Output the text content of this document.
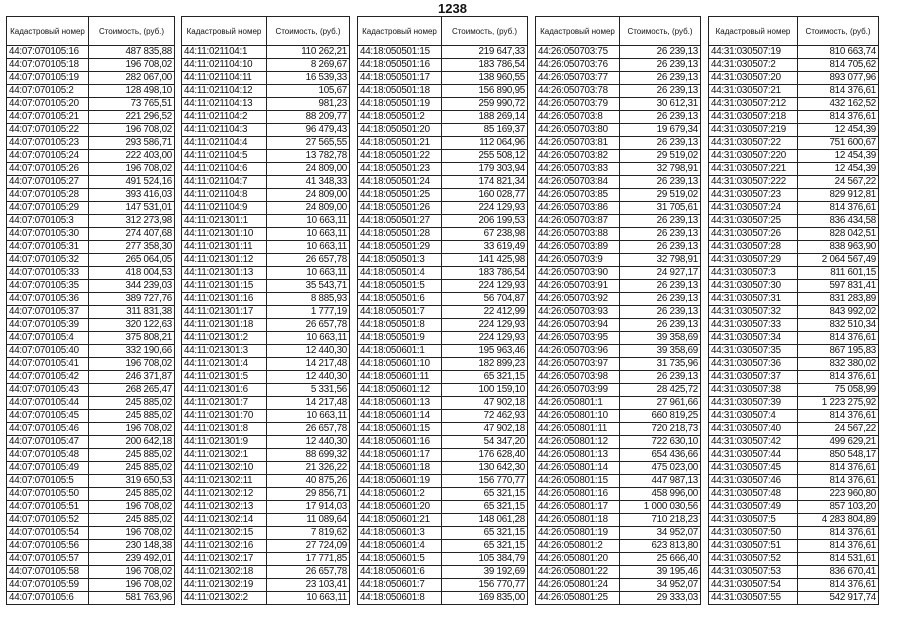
1238
Кадастровый номер	Стоимость, (руб.)
44:07:070105:16	487 835,88
44:07:070105:18	196 708,02
44:07:070105:19	282 067,00
44:07:070105:2	128 498,10
44:07:070105:20	73 765,51
44:07:070105:21	221 296,52
44:07:070105:22	196 708,02
44:07:070105:23	293 586,71
44:07:070105:24	222 403,00
44:07:070105:26	196 708,02
44:07:070105:27	491 524,16
44:07:070105:28	393 416,03
44:07:070105:29	147 531,01
44:07:070105:3	312 273,98
44:07:070105:30	274 407,68
44:07:070105:31	277 358,30
44:07:070105:32	265 064,05
44:07:070105:33	418 004,53
44:07:070105:35	344 239,03
44:07:070105:36	389 727,76
44:07:070105:37	311 831,38
44:07:070105:39	320 122,63
44:07:070105:4	375 808,21
44:07:070105:40	332 190,66
44:07:070105:41	196 708,02
44:07:070105:42	246 371,87
44:07:070105:43	268 265,47
44:07:070105:44	245 885,02
44:07:070105:45	245 885,02
44:07:070105:46	196 708,02
44:07:070105:47	200 642,18
44:07:070105:48	245 885,02
44:07:070105:49	245 885,02
44:07:070105:5	319 650,53
44:07:070105:50	245 885,02
44:07:070105:51	196 708,02
44:07:070105:52	245 885,02
44:07:070105:54	196 708,02
44:07:070105:56	230 148,38
44:07:070105:57	239 492,01
44:07:070105:58	196 708,02
44:07:070105:59	196 708,02
44:07:070105:6	581 763,96
Кадастровый номер	Стоимость, (руб.)
44:11:021104:1	110 262,21
44:11:021104:10	8 269,67
44:11:021104:11	16 539,33
44:11:021104:12	105,67
44:11:021104:13	981,23
44:11:021104:2	88 209,77
44:11:021104:3	96 479,43
44:11:021104:4	27 565,55
44:11:021104:5	13 782,78
44:11:021104:6	24 809,00
44:11:021104:7	41 348,33
44:11:021104:8	24 809,00
44:11:021104:9	24 809,00
44:11:021301:1	10 663,11
44:11:021301:10	10 663,11
44:11:021301:11	10 663,11
44:11:021301:12	26 657,78
44:11:021301:13	10 663,11
44:11:021301:15	35 543,71
44:11:021301:16	8 885,93
44:11:021301:17	1 777,19
44:11:021301:18	26 657,78
44:11:021301:2	10 663,11
44:11:021301:3	12 440,30
44:11:021301:4	14 217,48
44:11:021301:5	12 440,30
44:11:021301:6	5 331,56
44:11:021301:7	14 217,48
44:11:021301:70	10 663,11
44:11:021301:8	26 657,78
44:11:021301:9	12 440,30
44:11:021302:1	88 699,32
44:11:021302:10	21 326,22
44:11:021302:11	40 875,26
44:11:021302:12	29 856,71
44:11:021302:13	17 914,03
44:11:021302:14	11 089,64
44:11:021302:15	7 819,62
44:11:021302:16	27 724,09
44:11:021302:17	17 771,85
44:11:021302:18	26 657,78
44:11:021302:19	23 103,41
44:11:021302:2	10 663,11
Кадастровый номер	Стоимость, (руб.)
44:18:050501:15	219 647,33
44:18:050501:16	183 786,54
44:18:050501:17	138 960,55
44:18:050501:18	156 890,95
44:18:050501:19	259 990,72
44:18:050501:2	188 269,14
44:18:050501:20	85 169,37
44:18:050501:21	112 064,96
44:18:050501:22	255 508,12
44:18:050501:23	179 303,94
44:18:050501:24	174 821,34
44:18:050501:25	160 028,77
44:18:050501:26	224 129,93
44:18:050501:27	206 199,53
44:18:050501:28	67 238,98
44:18:050501:29	33 619,49
44:18:050501:3	141 425,98
44:18:050501:4	183 786,54
44:18:050501:5	224 129,93
44:18:050501:6	56 704,87
44:18:050501:7	22 412,99
44:18:050501:8	224 129,93
44:18:050501:9	224 129,93
44:18:050601:1	195 963,46
44:18:050601:10	182 899,23
44:18:050601:11	65 321,15
44:18:050601:12	100 159,10
44:18:050601:13	47 902,18
44:18:050601:14	72 462,93
44:18:050601:15	47 902,18
44:18:050601:16	54 347,20
44:18:050601:17	176 628,40
44:18:050601:18	130 642,30
44:18:050601:19	156 770,77
44:18:050601:2	65 321,15
44:18:050601:20	65 321,15
44:18:050601:21	148 061,28
44:18:050601:3	65 321,15
44:18:050601:4	65 321,15
44:18:050601:5	105 384,79
44:18:050601:6	39 192,69
44:18:050601:7	156 770,77
44:18:050601:8	169 835,00
Кадастровый номер	Стоимость, (руб.)
44:26:050703:75	26 239,13
44:26:050703:76	26 239,13
44:26:050703:77	26 239,13
44:26:050703:78	26 239,13
44:26:050703:79	30 612,31
44:26:050703:8	26 239,13
44:26:050703:80	19 679,34
44:26:050703:81	26 239,13
44:26:050703:82	29 519,02
44:26:050703:83	32 798,91
44:26:050703:84	26 239,13
44:26:050703:85	29 519,02
44:26:050703:86	31 705,61
44:26:050703:87	26 239,13
44:26:050703:88	26 239,13
44:26:050703:89	26 239,13
44:26:050703:9	32 798,91
44:26:050703:90	24 927,17
44:26:050703:91	26 239,13
44:26:050703:92	26 239,13
44:26:050703:93	26 239,13
44:26:050703:94	26 239,13
44:26:050703:95	39 358,69
44:26:050703:96	39 358,69
44:26:050703:97	31 735,96
44:26:050703:98	26 239,13
44:26:050703:99	28 425,72
44:26:050801:1	27 961,66
44:26:050801:10	660 819,25
44:26:050801:11	720 218,73
44:26:050801:12	722 630,10
44:26:050801:13	654 436,66
44:26:050801:14	475 023,00
44:26:050801:15	447 987,13
44:26:050801:16	458 996,00
44:26:050801:17	1 000 030,56
44:26:050801:18	710 218,23
44:26:050801:19	34 952,07
44:26:050801:2	623 813,80
44:26:050801:20	25 666,40
44:26:050801:22	39 195,46
44:26:050801:24	34 952,07
44:26:050801:25	29 333,03
Кадастровый номер	Стоимость, (руб.)
44:31:030507:19	810 663,74
44:31:030507:2	814 705,62
44:31:030507:20	893 077,96
44:31:030507:21	814 376,61
44:31:030507:212	432 162,52
44:31:030507:218	814 376,61
44:31:030507:219	12 454,39
44:31:030507:22	751 600,67
44:31:030507:220	12 454,39
44:31:030507:221	12 454,39
44:31:030507:222	24 567,22
44:31:030507:23	829 912,81
44:31:030507:24	814 376,61
44:31:030507:25	836 434,58
44:31:030507:26	828 042,51
44:31:030507:28	838 963,90
44:31:030507:29	2 064 567,49
44:31:030507:3	811 601,15
44:31:030507:30	597 831,41
44:31:030507:31	831 283,89
44:31:030507:32	843 992,02
44:31:030507:33	832 510,34
44:31:030507:34	814 376,61
44:31:030507:35	867 195,83
44:31:030507:36	832 380,02
44:31:030507:37	814 376,61
44:31:030507:38	75 058,99
44:31:030507:39	1 223 275,92
44:31:030507:4	814 376,61
44:31:030507:40	24 567,22
44:31:030507:42	499 629,21
44:31:030507:44	850 548,17
44:31:030507:45	814 376,61
44:31:030507:46	814 376,61
44:31:030507:48	223 960,80
44:31:030507:49	857 103,20
44:31:030507:5	4 283 804,89
44:31:030507:50	814 376,61
44:31:030507:51	814 376,61
44:31:030507:52	814 531,61
44:31:030507:53	836 670,41
44:31:030507:54	814 376,61
44:31:030507:55	542 917,74
